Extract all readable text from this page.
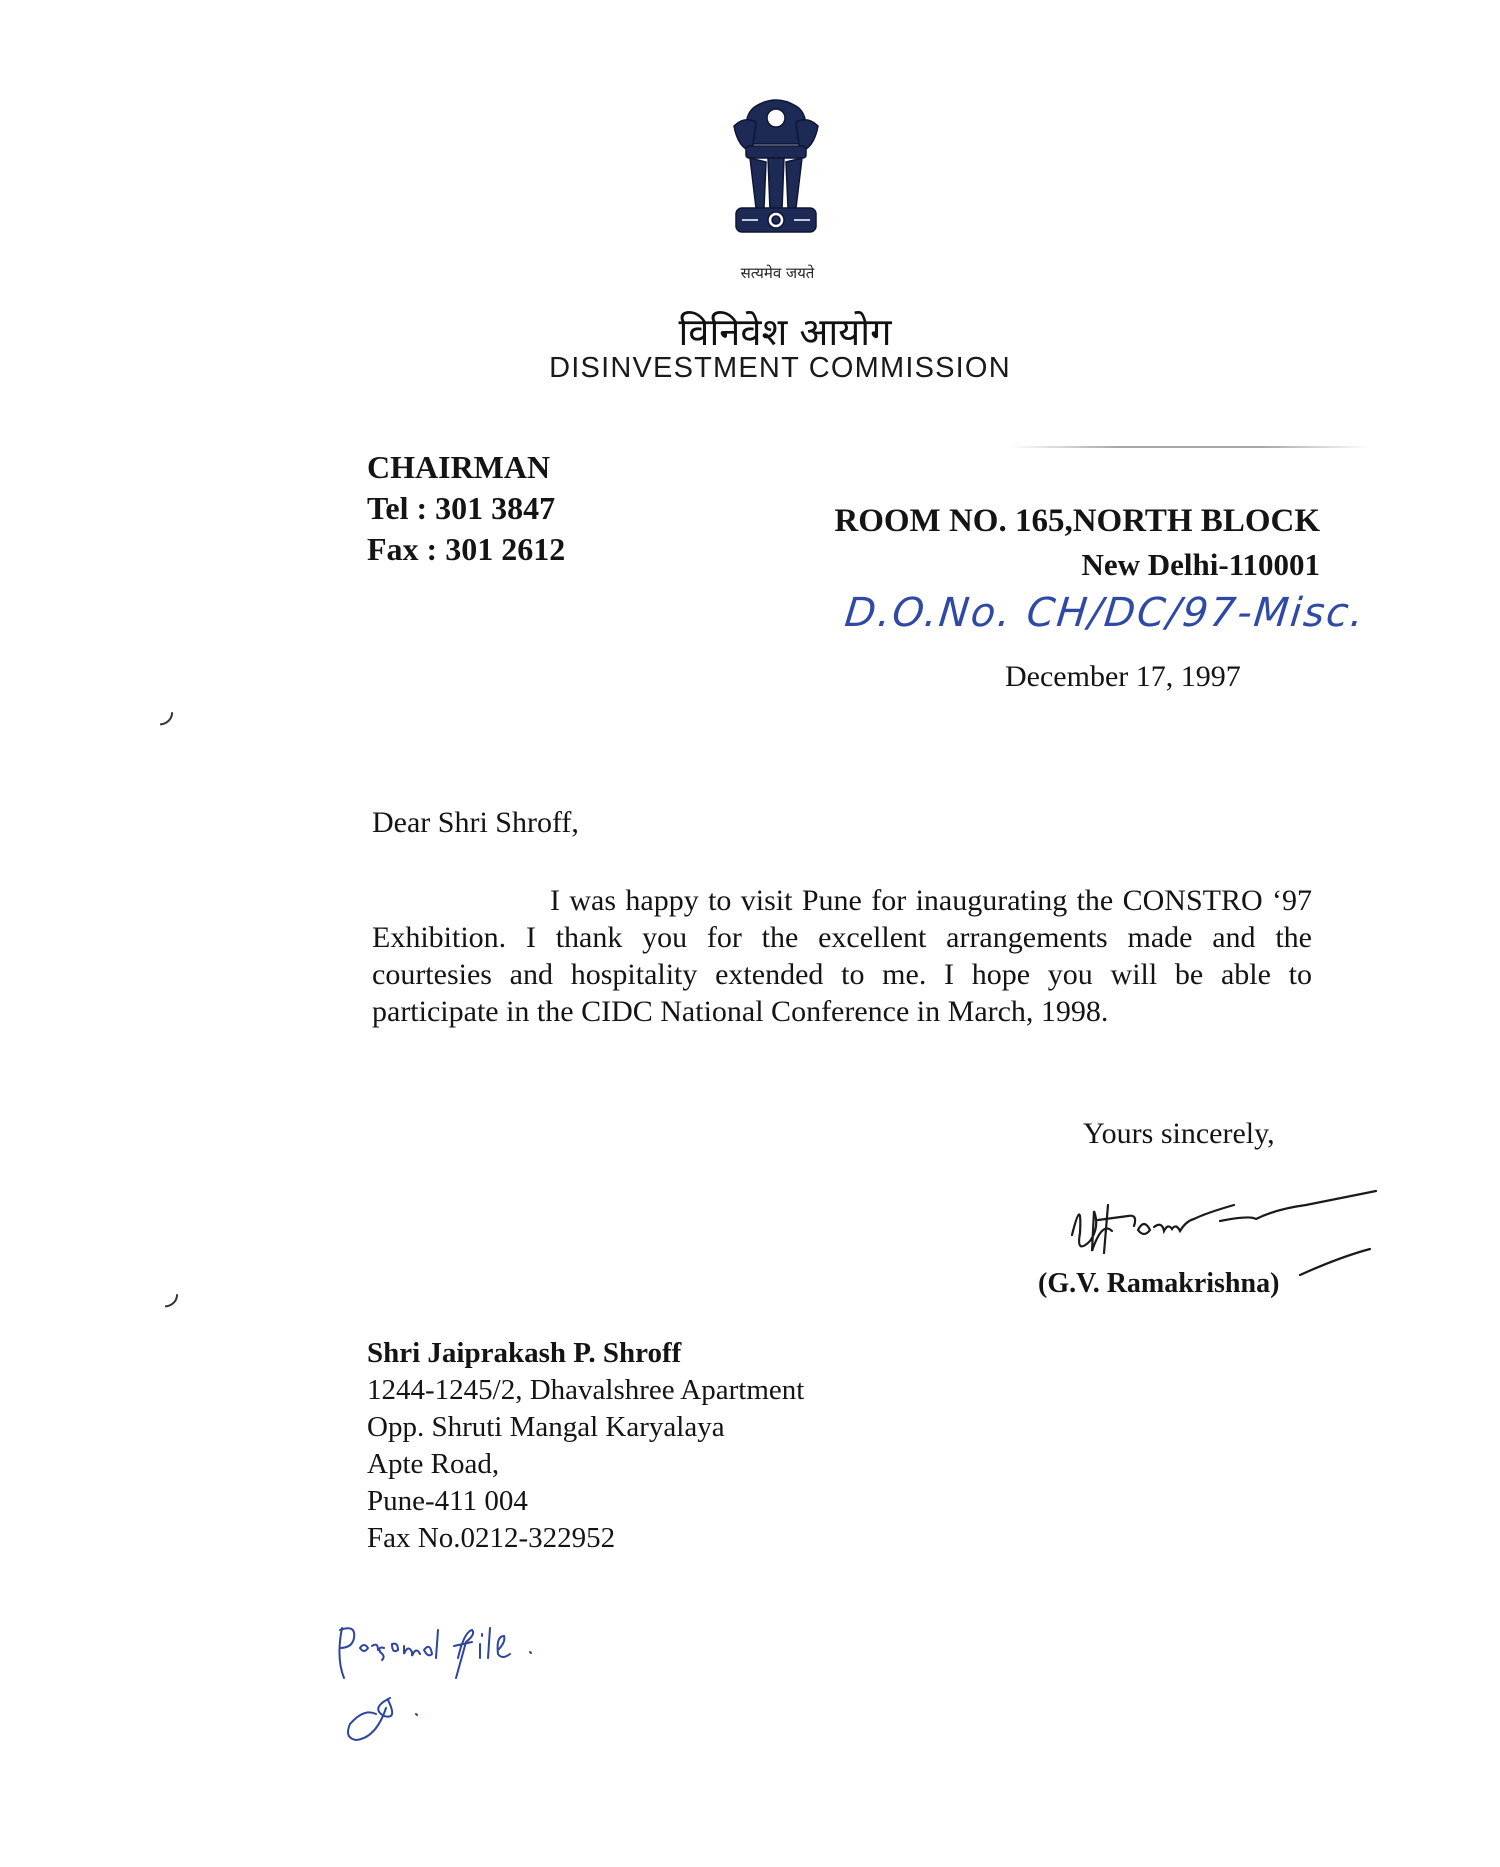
सत्यमेव जयते
विनिवेश आयोग
DISINVESTMENT COMMISSION
CHAIRMAN
Tel : 301 3847
Fax : 301 2612
ROOM NO. 165,NORTH BLOCK
New Delhi-110001
D.O.No. CH/DC/97-Misc.
December 17, 1997
◞
◞
Dear Shri Shroff,
I was happy to visit Pune for inaugurating the CONSTRO ‘97 Exhibition. I thank you for the excellent arrangements made and the courtesies and hospitality extended to me. I hope you will be able to participate in the CIDC National Conference in March, 1998.
Yours sincerely,
(G.V. Ramakrishna)
Shri Jaiprakash P. Shroff
1244-1245/2, Dhavalshree Apartment
Opp. Shruti Mangal Karyalaya
Apte Road,
Pune-411 004
Fax No.0212-322952
